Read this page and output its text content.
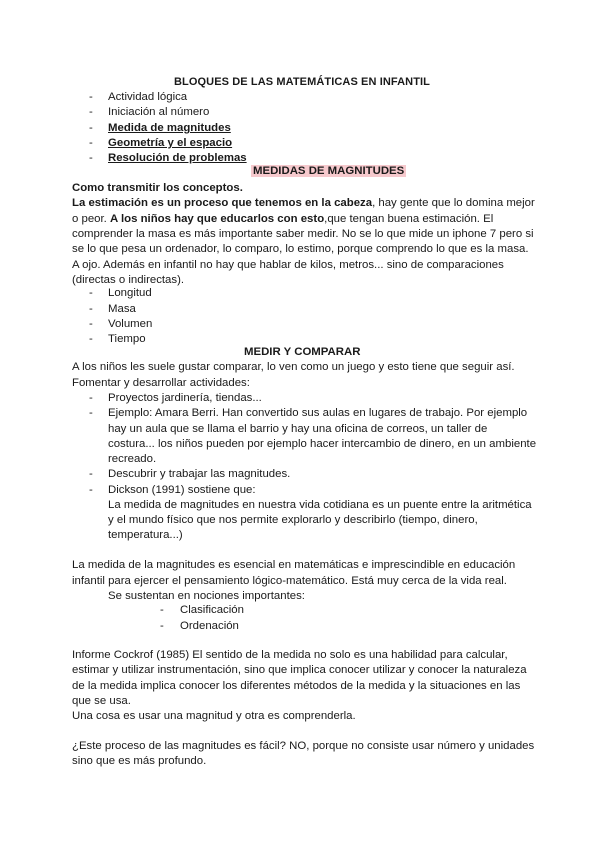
BLOQUES DE LAS MATEMÁTICAS EN INFANTIL
- Actividad lógica
- Iniciación al número
- Medida de magnitudes
- Geometría y el espacio
- Resolución de problemas
MEDIDAS DE MAGNITUDES
Como transmitir los conceptos.
La estimación es un proceso que tenemos en la cabeza, hay gente que lo domina mejor
o peor. A los niños hay que educarlos con esto,que tengan buena estimación. El
comprender la masa es más importante saber medir. No se lo que mide un iphone 7 pero si
se lo que pesa un ordenador, lo comparo, lo estimo, porque comprendo lo que es la masa.
A ojo. Además en infantil no hay que hablar de kilos, metros... sino de comparaciones
(directas o indirectas).
- Longitud
- Masa
- Volumen
- Tiempo
MEDIR Y COMPARAR
A los niños les suele gustar comparar, lo ven como un juego y esto tiene que seguir así.
Fomentar y desarrollar actividades:
- Proyectos jardinería, tiendas...
- Ejemplo: Amara Berri. Han convertido sus aulas en lugares de trabajo. Por ejemplo
hay un aula que se llama el barrio y hay una oficina de correos, un taller de
costura... los niños pueden por ejemplo hacer intercambio de dinero, en un ambiente
recreado.
- Descubrir y trabajar las magnitudes.
- Dickson (1991) sostiene que:
La medida de magnitudes en nuestra vida cotidiana es un puente entre la aritmética
y el mundo físico que nos permite explorarlo y describirlo (tiempo, dinero,
temperatura...)
La medida de la magnitudes es esencial en matemáticas e imprescindible en educación
infantil para ejercer el pensamiento lógico-matemático. Está muy cerca de la vida real.
Se sustentan en nociones importantes:
- Clasificación
- Ordenación
Informe Cockrof (1985) El sentido de la medida no solo es una habilidad para calcular,
estimar y utilizar instrumentación, sino que implica conocer utilizar y conocer la naturaleza
de la medida implica conocer los diferentes métodos de la medida y la situaciones en las
que se usa.
Una cosa es usar una magnitud y otra es comprenderla.
¿Este proceso de las magnitudes es fácil? NO, porque no consiste usar número y unidades
sino que es más profundo.
